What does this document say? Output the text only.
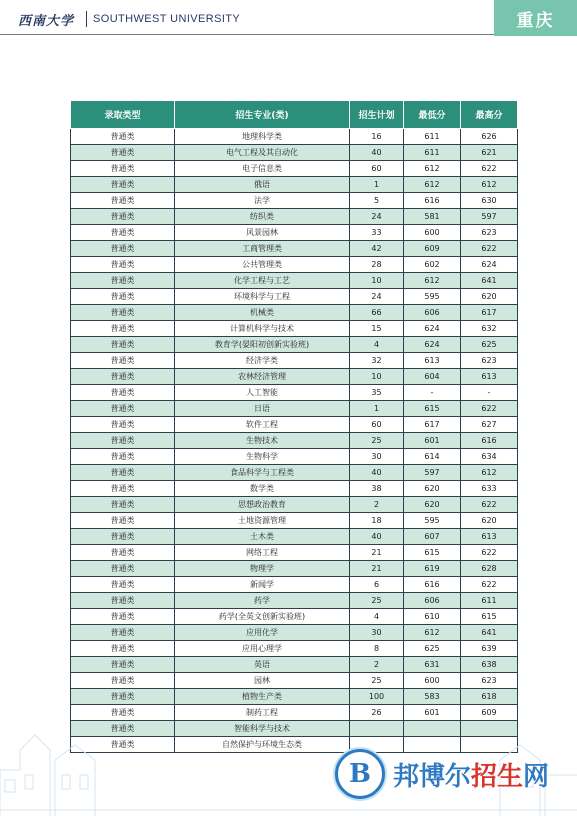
西南大学 SOUTHWEST UNIVERSITY	重庆
录取类型	招生专业(类)	招生计划	最低分	最高分
普通类	地理科学类	16	611	626
普通类	电气工程及其自动化	40	611	621
普通类	电子信息类	60	612	622
普通类	俄语	1	612	612
普通类	法学	5	616	630
普通类	纺织类	24	581	597
普通类	风景园林	33	600	623
普通类	工商管理类	42	609	622
普通类	公共管理类	28	602	624
普通类	化学工程与工艺	10	612	641
普通类	环境科学与工程	24	595	620
普通类	机械类	66	606	617
普通类	计算机科学与技术	15	624	632
普通类	教育学(晏阳初创新实验班)	4	624	625
普通类	经济学类	32	613	623
普通类	农林经济管理	10	604	613
普通类	人工智能	35	-	-
普通类	日语	1	615	622
普通类	软件工程	60	617	627
普通类	生物技术	25	601	616
普通类	生物科学	30	614	634
普通类	食品科学与工程类	40	597	612
普通类	数学类	38	620	633
普通类	思想政治教育	2	620	622
普通类	土地资源管理	18	595	620
普通类	土木类	40	607	613
普通类	网络工程	21	615	622
普通类	物理学	21	619	628
普通类	新闻学	6	616	622
普通类	药学	25	606	611
普通类	药学(全英文创新实验班)	4	610	615
普通类	应用化学	30	612	641
普通类	应用心理学	8	625	639
普通类	英语	2	631	638
普通类	园林	25	600	623
普通类	植物生产类	100	583	618
普通类	制药工程	26	601	609
普通类	智能科学与技术			
普通类	自然保护与环境生态类			
B 邦博尔招生网
